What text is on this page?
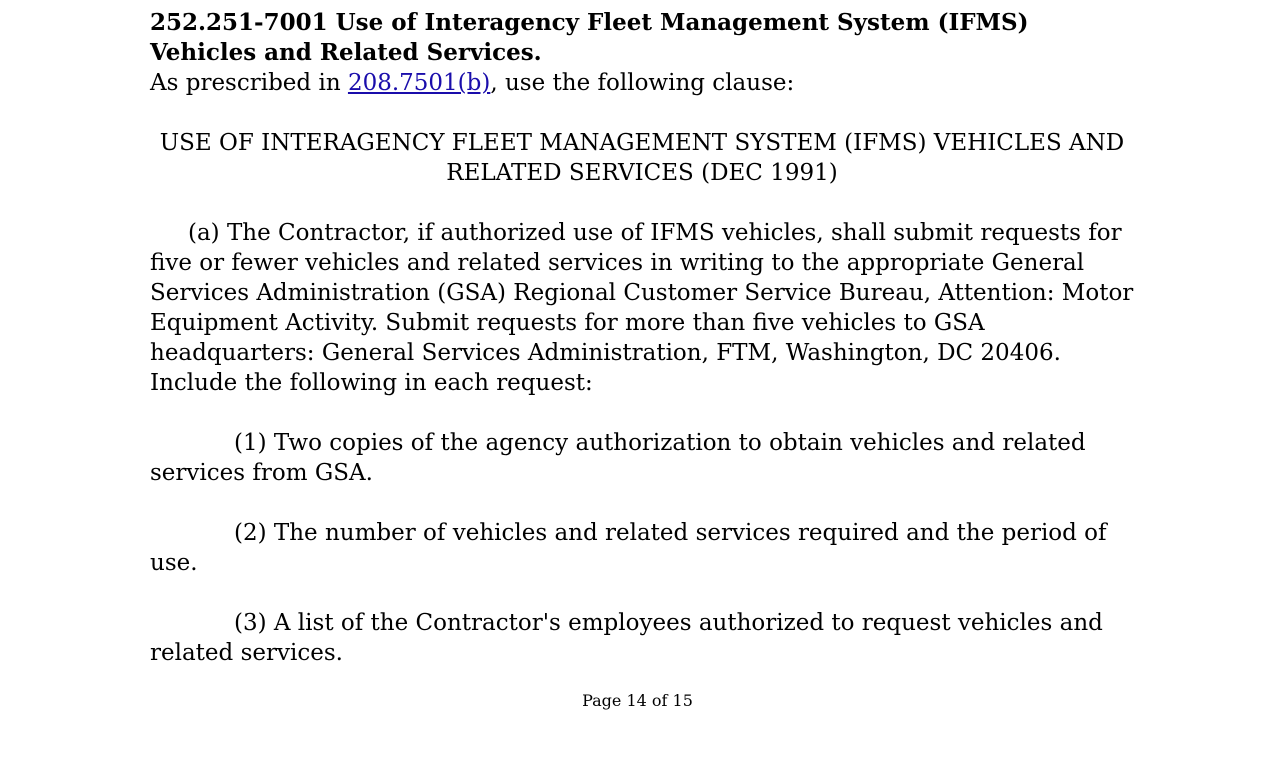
252.251-7001 Use of Interagency Fleet Management System (IFMS) Vehicles and Related Services.

As prescribed in 208.7501(b), use the following clause:

USE OF INTERAGENCY FLEET MANAGEMENT SYSTEM (IFMS) VEHICLES AND RELATED SERVICES (DEC 1991)

(a) The Contractor, if authorized use of IFMS vehicles, shall submit requests for five or fewer vehicles and related services in writing to the appropriate General Services Administration (GSA) Regional Customer Service Bureau, Attention: Motor Equipment Activity. Submit requests for more than five vehicles to GSA headquarters: General Services Administration, FTM, Washington, DC 20406. Include the following in each request:

(1) Two copies of the agency authorization to obtain vehicles and related services from GSA.

(2) The number of vehicles and related services required and the period of use.

(3) A list of the Contractor's employees authorized to request vehicles and related services.

Page 14 of 15
